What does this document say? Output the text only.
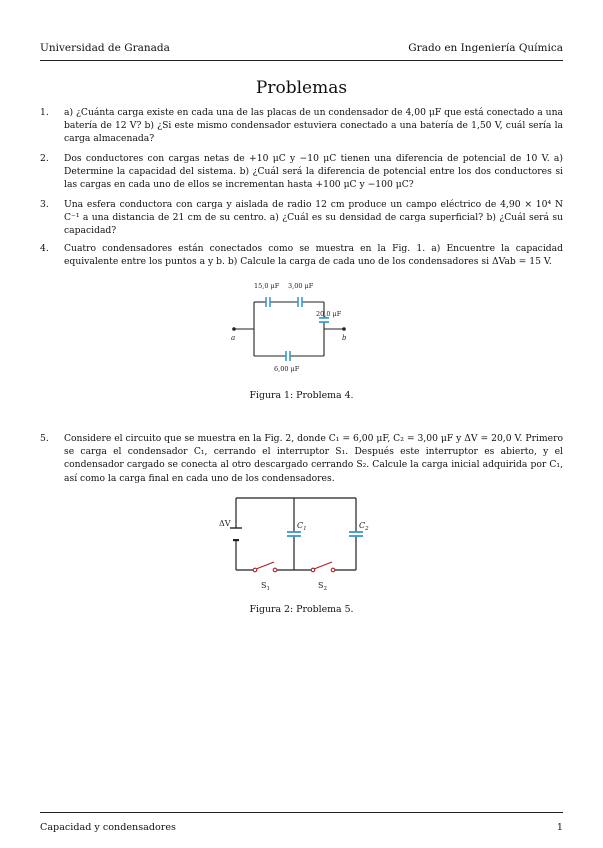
Universidad de Granada	Grado en Ingeniería Química
Problemas
1. a) ¿Cuánta carga existe en cada una de las placas de un condensador de 4,00 μF que está conectado a una batería de 12 V? b) ¿Si este mismo condensador estuviera conectado a una batería de 1,50 V, cuál sería la carga almacenada?
2. Dos conductores con cargas netas de +10 μC y −10 μC tienen una diferencia de potencial de 10 V. a) Determine la capacidad del sistema. b) ¿Cuál será la diferencia de potencial entre los dos conductores si las cargas en cada uno de ellos se incrementan hasta +100 μC y −100 μC?
3. Una esfera conductora con carga y aislada de radio 12 cm produce un campo eléctrico de 4,90 × 10⁴ N C⁻¹ a una distancia de 21 cm de su centro. a) ¿Cuál es su densidad de carga superficial? b) ¿Cuál será su capacidad?
4. Cuatro condensadores están conectados como se muestra en la Fig. 1. a) Encuentre la capacidad equivalente entre los puntos a y b. b) Calcule la carga de cada uno de los condensadores si ΔVab = 15 V.
15,0 μF 3,00 μF
20,0 μF
6,00 μF
a	b
Figura 1: Problema 4.
5. Considere el circuito que se muestra en la Fig. 2, donde C₁ = 6,00 μF, C₂ = 3,00 μF y ΔV = 20,0 V. Primero se carga el condensador C₁, cerrando el interruptor S₁. Después este interruptor es abierto, y el condensador cargado se conecta al otro descargado cerrando S₂. Calcule la carga inicial adquirida por C₁, así como la carga final en cada uno de los condensadores.
ΔV	$C_1$	$C_2$
$S_1$	$S_2$
Figura 2: Problema 5.
Capacidad y condensadores	1
